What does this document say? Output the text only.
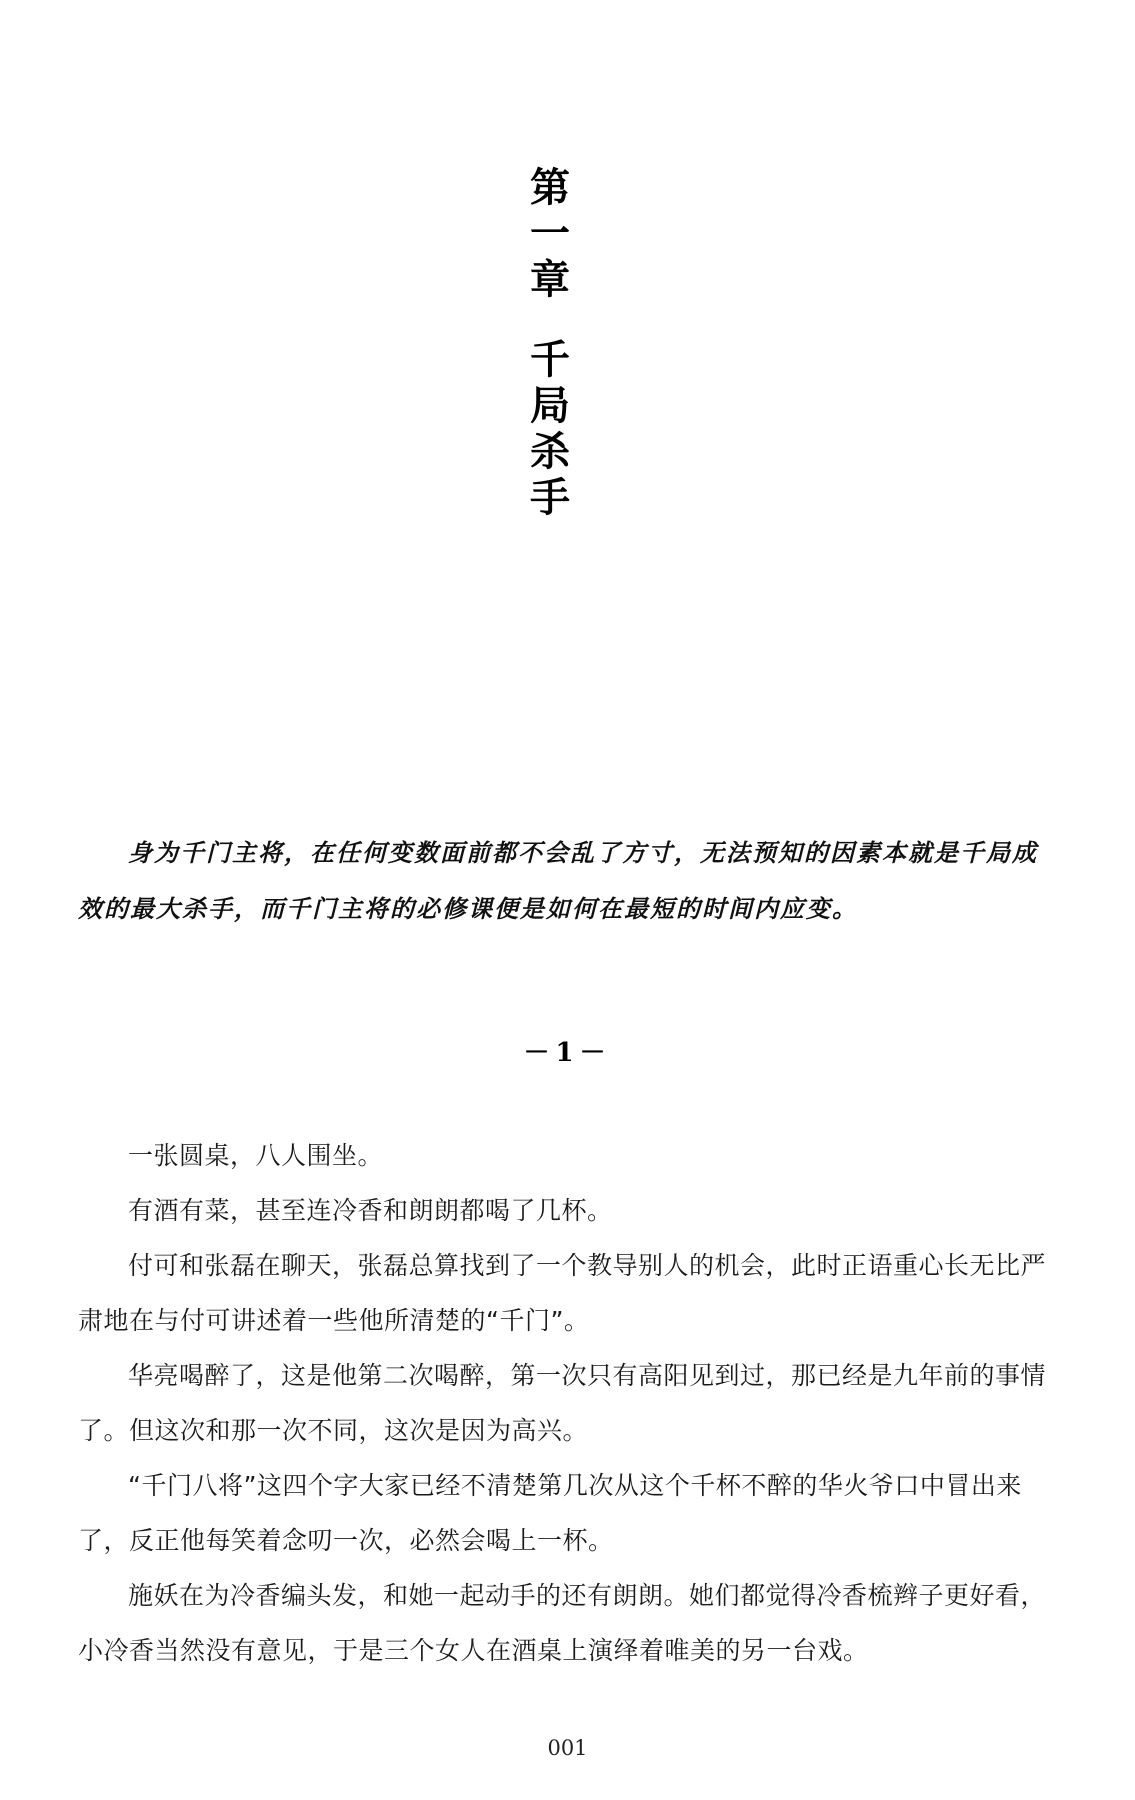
第
一
章
千
局
杀
手

身为千门主将，在任何变数面前都不会乱了方寸，无法预知的因素本就是千局成效的最大杀手，而千门主将的必修课便是如何在最短的时间内应变。

－1－

一张圆桌，八人围坐。

有酒有菜，甚至连冷香和朗朗都喝了几杯。

付可和张磊在聊天，张磊总算找到了一个教导别人的机会，此时正语重心长无比严肃地在与付可讲述着一些他所清楚的“千门”。

华亮喝醉了，这是他第二次喝醉，第一次只有高阳见到过，那已经是九年前的事情了。但这次和那一次不同，这次是因为高兴。

“千门八将”这四个字大家已经不清楚第几次从这个千杯不醉的华火爷口中冒出来了，反正他每笑着念叨一次，必然会喝上一杯。

施妖在为冷香编头发，和她一起动手的还有朗朗。她们都觉得冷香梳辫子更好看，小冷香当然没有意见，于是三个女人在酒桌上演绎着唯美的另一台戏。

001
